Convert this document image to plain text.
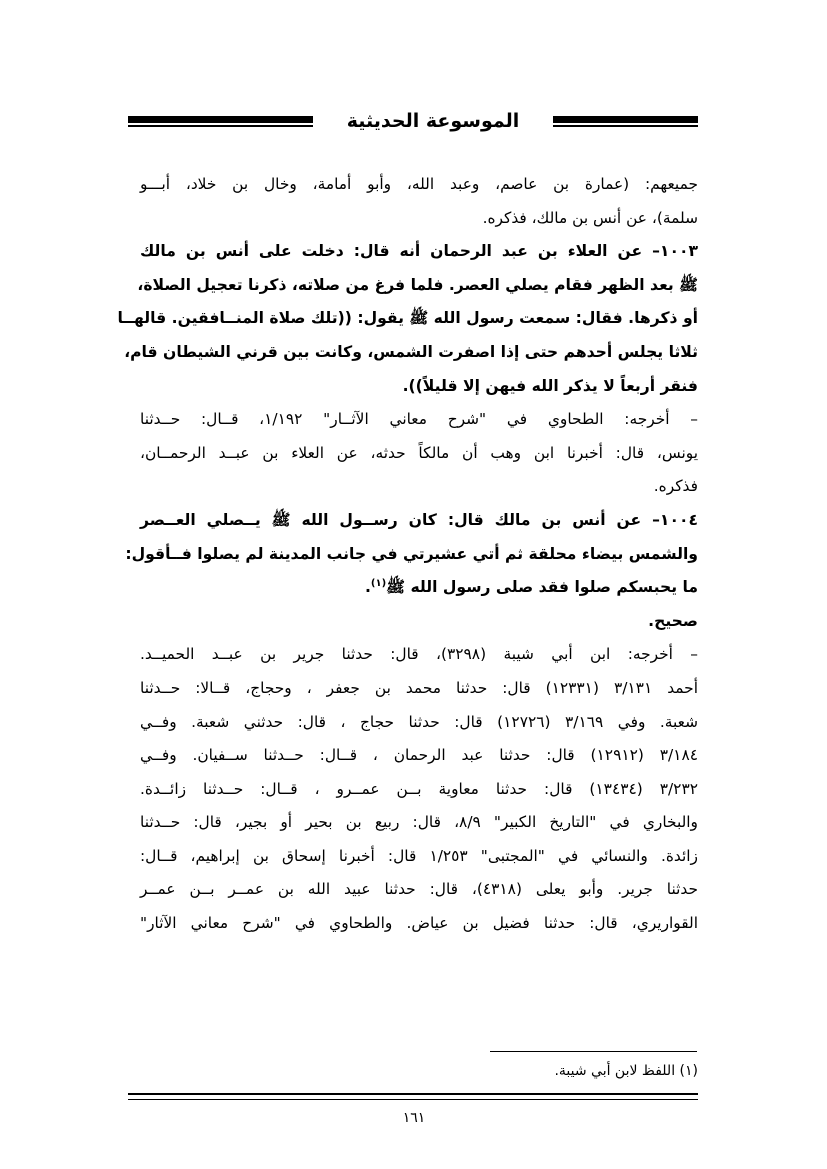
الموسوعة الحديثية
جميعهم: (عمارة بن عاصم، وعبد الله، وأبو أمامة، وخال بن خلاد، أبـــو
سلمة)، عن أنس بن مالك، فذكره.
١٠٠٣– عن العلاء بن عبد الرحمان أنه قال: دخلت على أنس بن مالك
ﷺ بعد الظهر فقام يصلي العصر. فلما فرغ من صلاته، ذكرنا تعجيل الصلاة،
أو ذكرها. فقال: سمعت رسول الله ﷺ يقول: ((تلك صلاة المنــافقين. قالهــا
ثلاثا يجلس أحدهم حتى إذا اصفرت الشمس، وكانت بين قرني الشيطان قام،
فنقر أربعاً لا يذكر الله فيهن إلا قليلاً)).
– أخرجه: الطحاوي في "شرح معاني الآثــار" ١/١٩٢، قــال: حــدثنا
يونس، قال: أخبرنا ابن وهب أن مالكاً حدثه، عن العلاء بن عبــد الرحمــان،
فذكره.
١٠٠٤– عن أنس بن مالك قال: كان رســول الله ﷺ يــصلي العــصر
والشمس بيضاء محلقة ثم أتي عشيرتي في جانب المدينة لم يصلوا فــأقول:
ما يحبسكم صلوا فقد صلى رسول الله ﷺ$^{(١)}$.
صحيح.
– أخرجه: ابن أبي شيبة (٣٢٩٨)، قال: حدثنا جرير بن عبــد الحميــد.
أحمد ٣/١٣١ (١٢٣٣١) قال: حدثنا محمد بن جعفر ، وحجاج، قــالا: حــدثنا
شعبة. وفي ٣/١٦٩ (١٢٧٢٦) قال: حدثنا حجاج ، قال: حدثني شعبة. وفــي
٣/١٨٤ (١٢٩١٢) قال: حدثنا عبد الرحمان ، قــال: حــدثنا ســفيان. وفــي
٣/٢٣٢ (١٣٤٣٤) قال: حدثنا معاوية بــن عمــرو ، قــال: حــدثنا زائــدة.
والبخاري في "التاريخ الكبير" ٨/٩، قال: ربيع بن بحير أو بجير، قال: حــدثنا
زائدة. والنسائي في "المجتبى" ١/٢٥٣ قال: أخبرنا إسحاق بن إبراهيم، قــال:
حدثنا جرير. وأبو يعلى (٤٣١٨)، قال: حدثنا عبيد الله بن عمــر بــن عمــر
القواريري، قال: حدثنا فضيل بن عياض. والطحاوي في "شرح معاني الآثار"
(١) اللفظ لابن أبي شيبة.
١٦١
